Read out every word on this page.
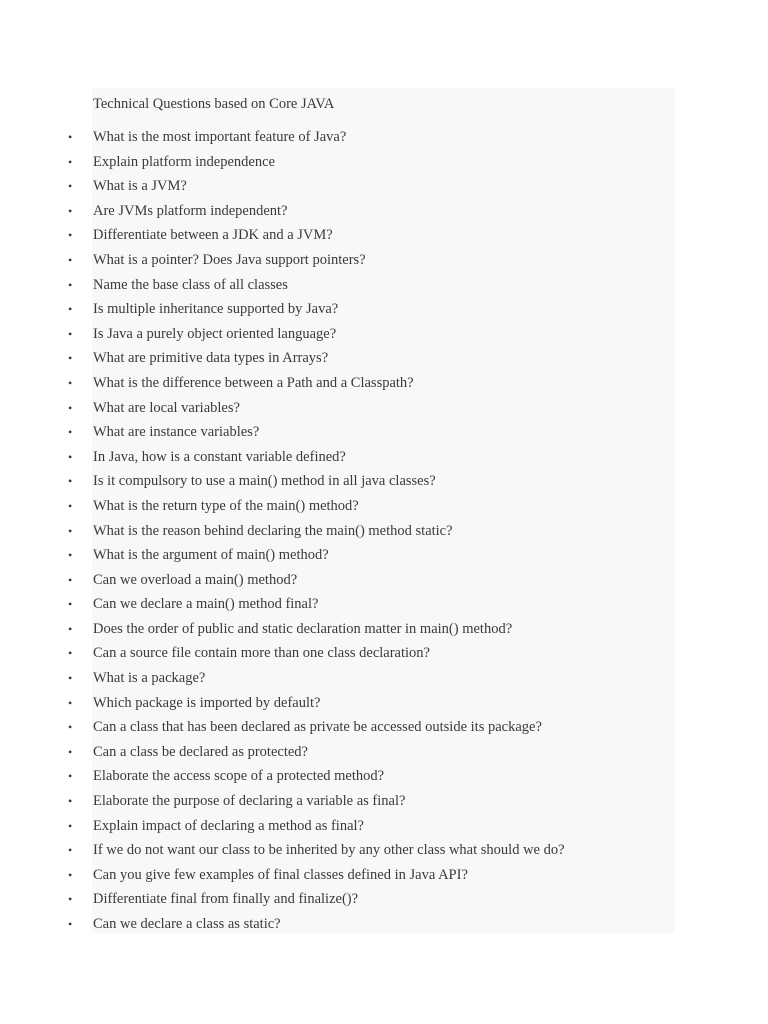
Technical Questions based on Core JAVA
• What is the most important feature of Java?
• Explain platform independence
• What is a JVM?
• Are JVMs platform independent?
• Differentiate between a JDK and a JVM?
• What is a pointer? Does Java support pointers?
• Name the base class of all classes
• Is multiple inheritance supported by Java?
• Is Java a purely object oriented language?
• What are primitive data types in Arrays?
• What is the difference between a Path and a Classpath?
• What are local variables?
• What are instance variables?
• In Java, how is a constant variable defined?
• Is it compulsory to use a main() method in all java classes?
• What is the return type of the main() method?
• What is the reason behind declaring the main() method static?
• What is the argument of main() method?
• Can we overload a main() method?
• Can we declare a main() method final?
• Does the order of public and static declaration matter in main() method?
• Can a source file contain more than one class declaration?
• What is a package?
• Which package is imported by default?
• Can a class that has been declared as private be accessed outside its package?
• Can a class be declared as protected?
• Elaborate the access scope of a protected method?
• Elaborate the purpose of declaring a variable as final?
• Explain impact of declaring a method as final?
• If we do not want our class to be inherited by any other class what should we do?
• Can you give few examples of final classes defined in Java API?
• Differentiate final from finally and finalize()?
• Can we declare a class as static?
